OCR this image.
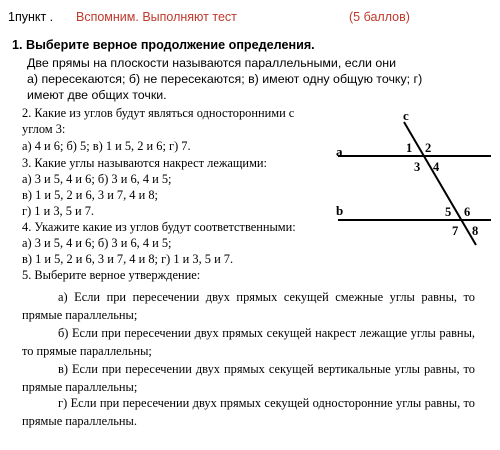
1пункт . Вспомним. Выполняют тест	(5 баллов)
1. Выберите верное продолжение определения.
Две прямы на плоскости называются параллельными, если они
а) пересекаются; б) не пересекаются; в) имеют одну общую точку; г)
имеют две общих точки.
2. Какие из углов будут являться односторонними с
углом 3:
а) 4 и 6; б) 5; в) 1 и 5, 2 и 6; г) 7.
3. Какие углы называются накрест лежащими:
а) 3 и 5, 4 и 6; б) 3 и 6, 4 и 5;
в) 1 и 5, 2 и 6, 3 и 7, 4 и 8;
г) 1 и 3, 5 и 7.
4. Укажите какие из углов будут соответственными:
а) 3 и 5, 4 и 6; б) 3 и 6, 4 и 5;
в) 1 и 5, 2 и 6, 3 и 7, 4 и 8; г) 1 и 3, 5 и 7.
5. Выберите верное утверждение:
а) Если при пересечении двух прямых секущей смежные углы равны, то прямые параллельны;
б) Если при пересечении двух прямых секущей накрест лежащие углы равны, то прямые параллельны;
в) Если при пересечении двух прямых секущей вертикальные углы равны, то прямые параллельны;
г) Если при пересечении двух прямых секущей односторонние углы равны, то прямые параллельны.
c
a
b
1 2
3 4
5 6
7 8
